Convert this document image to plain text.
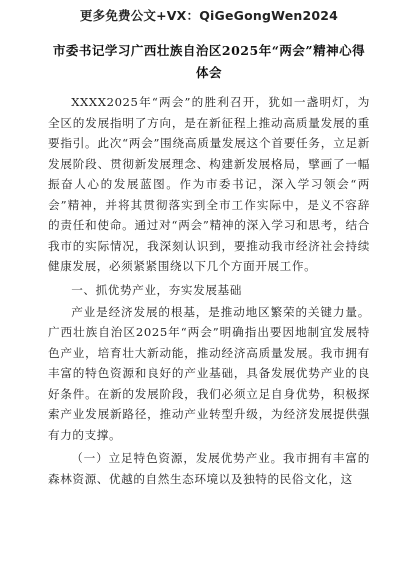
更多免费公文+VX：QiGeGongWen2024
市委书记学习广西壮族自治区2025年“两会”精神心得体会

XXXX2025年“两会”的胜利召开，犹如一盏明灯，为全区的发展指明了方向，是在新征程上推动高质量发展的重要指引。此次“两会”围绕高质量发展这个首要任务，立足新发展阶段、贯彻新发展理念、构建新发展格局，擘画了一幅振奋人心的发展蓝图。作为市委书记，深入学习领会“两会”精神，并将其贯彻落实到全市工作实际中，是义不容辞的责任和使命。通过对“两会”精神的深入学习和思考，结合我市的实际情况，我深刻认识到，要推动我市经济社会持续健康发展，必须紧紧围绕以下几个方面开展工作。

一、抓优势产业，夯实发展基础

产业是经济发展的根基，是推动地区繁荣的关键力量。广西壮族自治区2025年“两会”明确指出要因地制宜发展特色产业，培育壮大新动能，推动经济高质量发展。我市拥有丰富的特色资源和良好的产业基础，具备发展优势产业的良好条件。在新的发展阶段，我们必须立足自身优势，积极探索产业发展新路径，推动产业转型升级，为经济发展提供强有力的支撑。

（一）立足特色资源，发展优势产业。我市拥有丰富的森林资源、优越的自然生态环境以及独特的民俗文化，这
